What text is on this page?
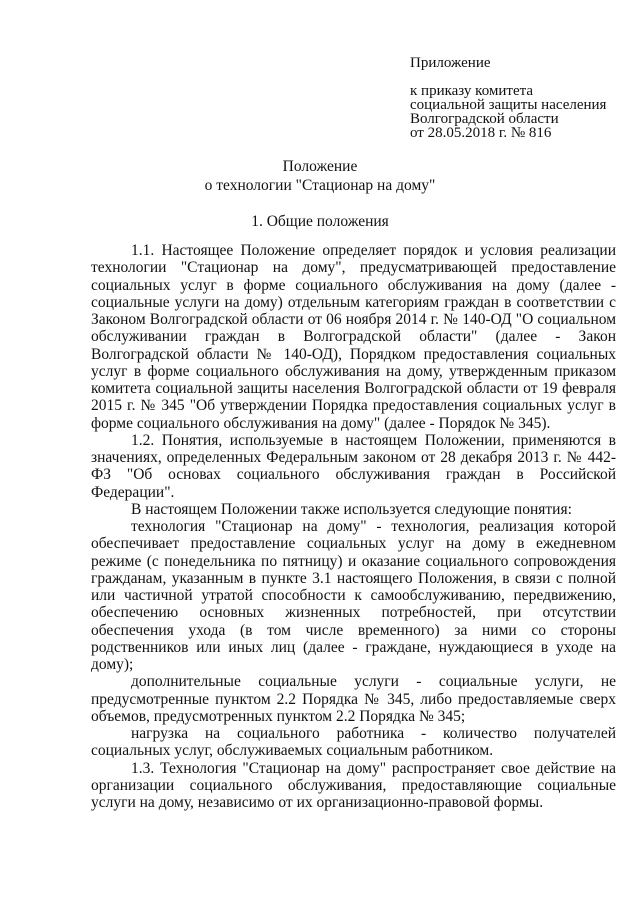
Приложение
к приказу комитета
социальной защиты населения
Волгоградской области
от 28.05.2018 г. № 816
Положение
о технологии "Стационар на дому"
1. Общие положения

1.1. Настоящее Положение определяет порядок и условия реализации технологии "Стационар на дому", предусматривающей предоставление социальных услуг в форме социального обслуживания на дому (далее - социальные услуги на дому) отдельным категориям граждан в соответствии с Законом Волгоградской области от 06 ноября 2014 г. № 140-ОД "О социальном обслуживании граждан в Волгоградской области" (далее - Закон Волгоградской области № 140-ОД), Порядком предоставления социальных услуг в форме социального обслуживания на дому, утвержденным приказом комитета социальной защиты населения Волгоградской области от 19 февраля 2015 г. № 345 "Об утверждении Порядка предоставления социальных услуг в форме социального обслуживания на дому" (далее - Порядок № 345).

1.2. Понятия, используемые в настоящем Положении, применяются в значениях, определенных Федеральным законом от 28 декабря 2013 г. № 442-ФЗ "Об основах социального обслуживания граждан в Российской Федерации".

В настоящем Положении также используется следующие понятия:

технология "Стационар на дому" - технология, реализация которой обеспечивает предоставление социальных услуг на дому в ежедневном режиме (с понедельника по пятницу) и оказание социального сопровождения гражданам, указанным в пункте 3.1 настоящего Положения, в связи с полной или частичной утратой способности к самообслуживанию, передвижению, обеспечению основных жизненных потребностей, при отсутствии обеспечения ухода (в том числе временного) за ними со стороны родственников или иных лиц (далее - граждане, нуждающиеся в уходе на дому);

дополнительные социальные услуги - социальные услуги, не предусмотренные пунктом 2.2 Порядка № 345, либо предоставляемые сверх объемов, предусмотренных пунктом 2.2 Порядка № 345;

нагрузка на социального работника - количество получателей социальных услуг, обслуживаемых социальным работником.

1.3. Технология "Стационар на дому" распространяет свое действие на организации социального обслуживания, предоставляющие социальные услуги на дому, независимо от их организационно-правовой формы.
